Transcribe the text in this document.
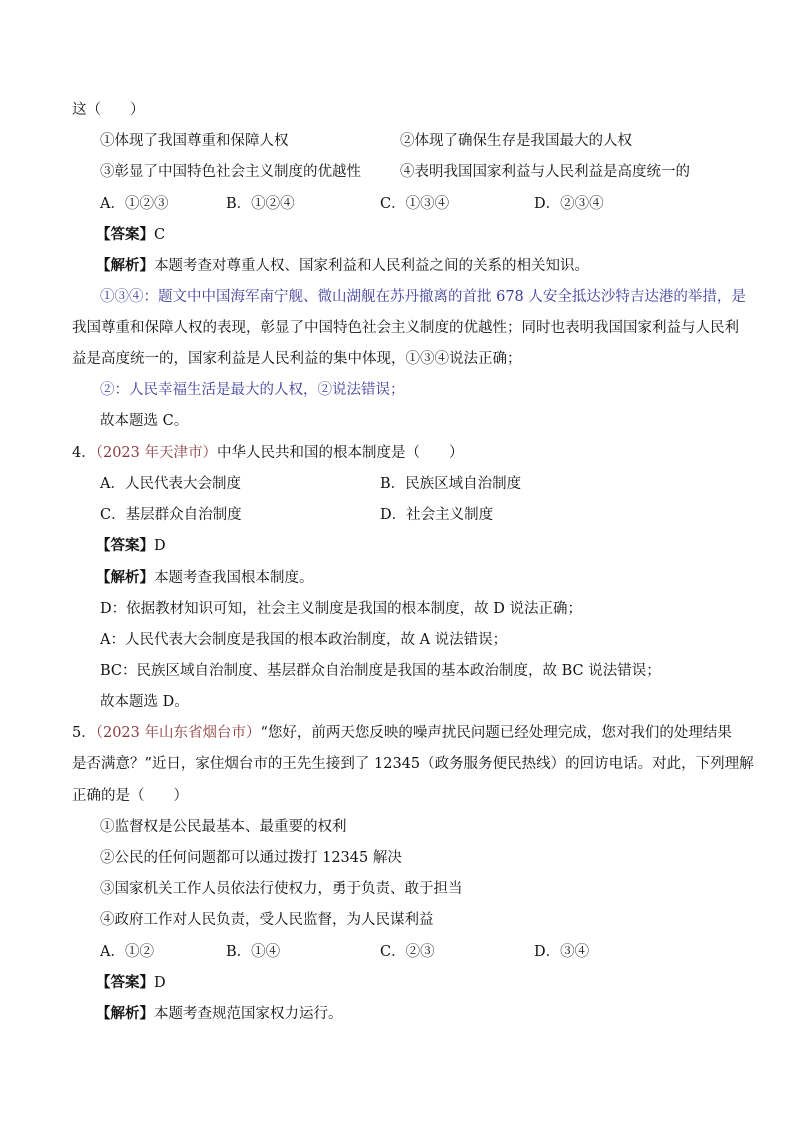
这（　　）
①体现了我国尊重和保障人权	②体现了确保生存是我国最大的人权
③彰显了中国特色社会主义制度的优越性	④表明我国国家利益与人民利益是高度统一的
A．①②③	B．①②④	C．①③④	D．②③④
【答案】C
【解析】本题考查对尊重人权、国家利益和人民利益之间的关系的相关知识。
①③④：题文中中国海军南宁舰、微山湖舰在苏丹撤离的首批 678 人安全抵达沙特吉达港的举措，是
我国尊重和保障人权的表现，彰显了中国特色社会主义制度的优越性；同时也表明我国国家利益与人民利
益是高度统一的，国家利益是人民利益的集中体现，①③④说法正确；
②：人民幸福生活是最大的人权，②说法错误；
故本题选 C。
4．（2023 年天津市）中华人民共和国的根本制度是（　　）
A．人民代表大会制度	B．民族区域自治制度
C．基层群众自治制度	D．社会主义制度
【答案】D
【解析】本题考查我国根本制度。
D：依据教材知识可知，社会主义制度是我国的根本制度，故 D 说法正确；
A：人民代表大会制度是我国的根本政治制度，故 A 说法错误；
BC：民族区域自治制度、基层群众自治制度是我国的基本政治制度，故 BC 说法错误；
故本题选 D。
5．（2023 年山东省烟台市）“您好，前两天您反映的噪声扰民问题已经处理完成，您对我们的处理结果
是否满意？”近日，家住烟台市的王先生接到了 12345（政务服务便民热线）的回访电话。对此，下列理解
正确的是（　　）
①监督权是公民最基本、最重要的权利
②公民的任何问题都可以通过拨打 12345 解决
③国家机关工作人员依法行使权力，勇于负责、敢于担当
④政府工作对人民负责，受人民监督，为人民谋利益
A．①②	B．①④	C．②③	D．③④
【答案】D
【解析】本题考查规范国家权力运行。
